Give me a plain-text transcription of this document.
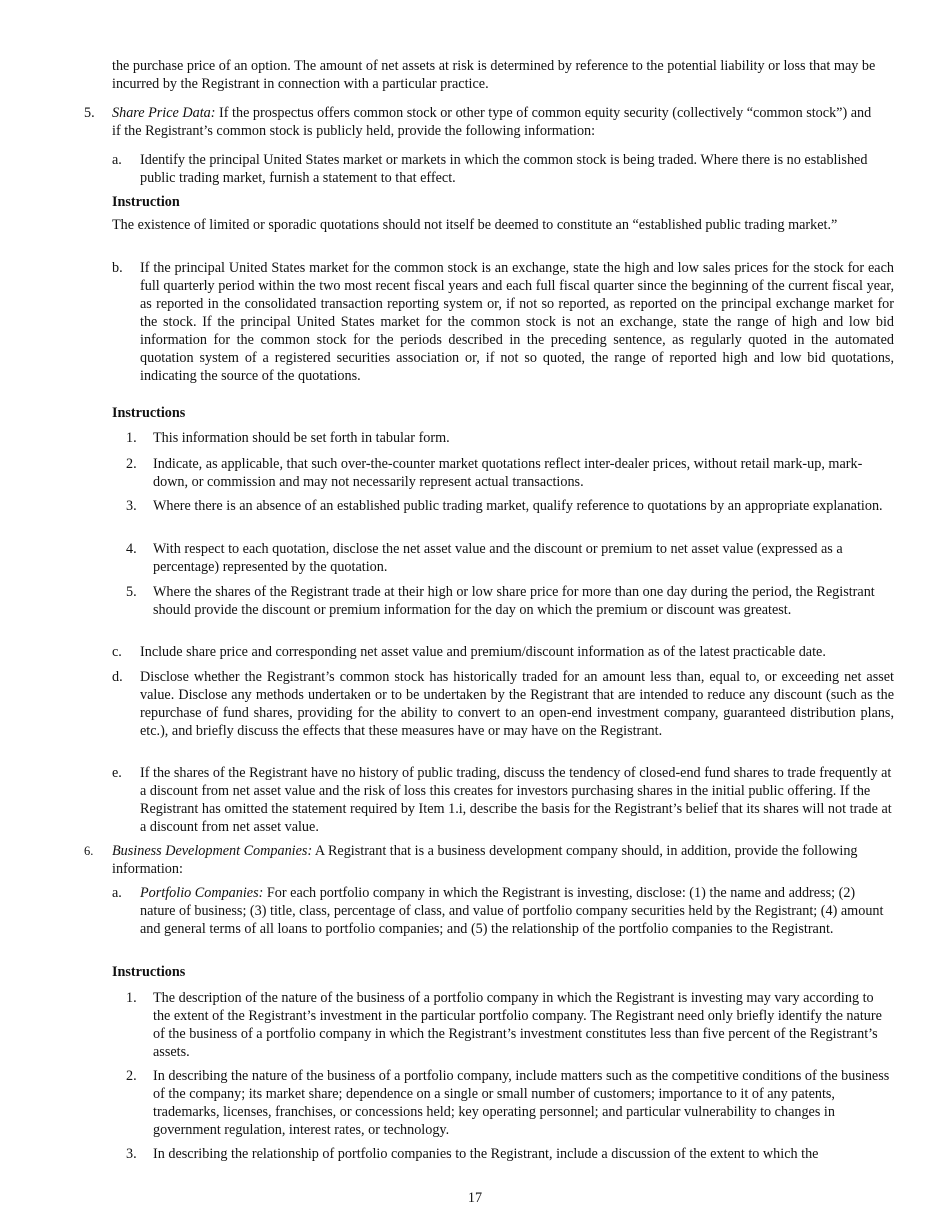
the purchase price of an option. The amount of net assets at risk is determined by reference to the potential liability or loss that may be incurred by the Registrant in connection with a particular practice.

5. Share Price Data: If the prospectus offers common stock or other type of common equity security (collectively “common stock”) and if the Registrant’s common stock is publicly held, provide the following information:

a. Identify the principal United States market or markets in which the common stock is being traded. Where there is no established public trading market, furnish a statement to that effect.

Instruction

The existence of limited or sporadic quotations should not itself be deemed to constitute an “established public trading market.”

b. If the principal United States market for the common stock is an exchange, state the high and low sales prices for the stock for each full quarterly period within the two most recent fiscal years and each full fiscal quarter since the beginning of the current fiscal year, as reported in the consolidated transaction reporting system or, if not so reported, as reported on the principal exchange market for the stock. If the principal United States market for the common stock is not an exchange, state the range of high and low bid information for the common stock for the periods described in the preceding sentence, as regularly quoted in the automated quotation system of a registered securities association or, if not so quoted, the range of reported high and low bid quotations, indicating the source of the quotations.

Instructions

1. This information should be set forth in tabular form.

2. Indicate, as applicable, that such over-the-counter market quotations reflect inter-dealer prices, without retail mark-up, mark-down, or commission and may not necessarily represent actual transactions.

3. Where there is an absence of an established public trading market, qualify reference to quotations by an appropriate explanation.

4. With respect to each quotation, disclose the net asset value and the discount or premium to net asset value (expressed as a percentage) represented by the quotation.

5. Where the shares of the Registrant trade at their high or low share price for more than one day during the period, the Registrant should provide the discount or premium information for the day on which the premium or discount was greatest.

c. Include share price and corresponding net asset value and premium/discount information as of the latest practicable date.

d. Disclose whether the Registrant’s common stock has historically traded for an amount less than, equal to, or exceeding net asset value. Disclose any methods undertaken or to be undertaken by the Registrant that are intended to reduce any discount (such as the repurchase of fund shares, providing for the ability to convert to an open-end investment company, guaranteed distribution plans, etc.), and briefly discuss the effects that these measures have or may have on the Registrant.

e. If the shares of the Registrant have no history of public trading, discuss the tendency of closed-end fund shares to trade frequently at a discount from net asset value and the risk of loss this creates for investors purchasing shares in the initial public offering. If the Registrant has omitted the statement required by Item 1.i, describe the basis for the Registrant’s belief that its shares will not trade at a discount from net asset value.

6. Business Development Companies: A Registrant that is a business development company should, in addition, provide the following information:

a. Portfolio Companies: For each portfolio company in which the Registrant is investing, disclose: (1) the name and address; (2) nature of business; (3) title, class, percentage of class, and value of portfolio company securities held by the Registrant; (4) amount and general terms of all loans to portfolio companies; and (5) the relationship of the portfolio companies to the Registrant.

Instructions

1. The description of the nature of the business of a portfolio company in which the Registrant is investing may vary according to the extent of the Registrant’s investment in the particular portfolio company. The Registrant need only briefly identify the nature of the business of a portfolio company in which the Registrant’s investment constitutes less than five percent of the Registrant’s assets.

2. In describing the nature of the business of a portfolio company, include matters such as the competitive conditions of the business of the company; its market share; dependence on a single or small number of customers; importance to it of any patents, trademarks, licenses, franchises, or concessions held; key operating personnel; and particular vulnerability to changes in government regulation, interest rates, or technology.

3. In describing the relationship of portfolio companies to the Registrant, include a discussion of the extent to which the

17
